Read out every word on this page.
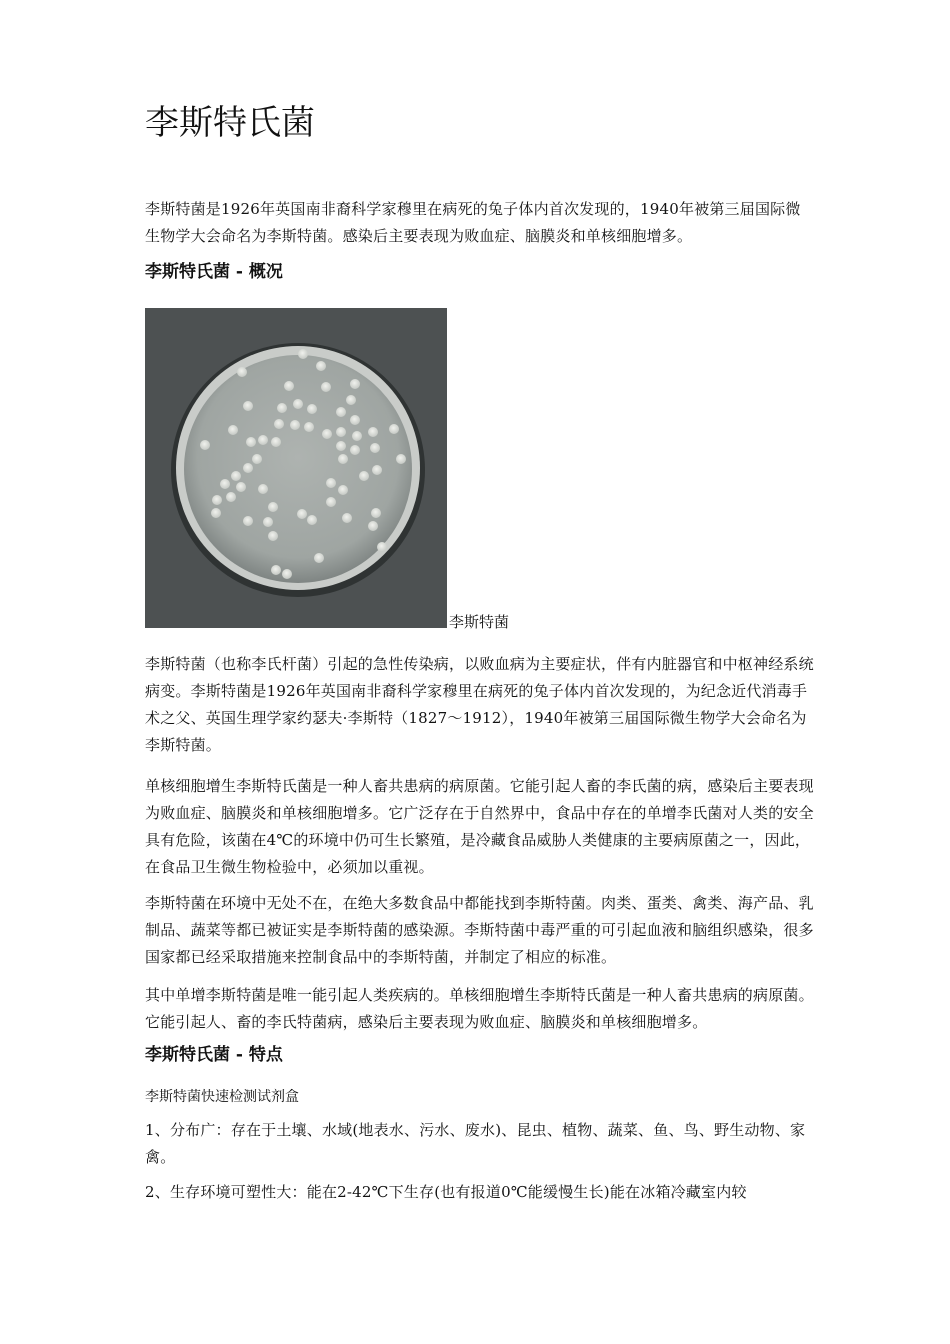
李斯特氏菌

李斯特菌是1926年英国南非裔科学家穆里在病死的兔子体内首次发现的，1940年被第三届国际微生物学大会命名为李斯特菌。感染后主要表现为败血症、脑膜炎和单核细胞增多。

李斯特氏菌 - 概况
李斯特菌

李斯特菌（也称李氏杆菌）引起的急性传染病，以败血病为主要症状，伴有内脏器官和中枢神经系统病变。李斯特菌是1926年英国南非裔科学家穆里在病死的兔子体内首次发现的，为纪念近代消毒手术之父、英国生理学家约瑟夫·李斯特（1827～1912），1940年被第三届国际微生物学大会命名为李斯特菌。

单核细胞增生李斯特氏菌是一种人畜共患病的病原菌。它能引起人畜的李氏菌的病，感染后主要表现为败血症、脑膜炎和单核细胞增多。它广泛存在于自然界中，食品中存在的单增李氏菌对人类的安全具有危险，该菌在4℃的环境中仍可生长繁殖，是冷藏食品威胁人类健康的主要病原菌之一，因此，在食品卫生微生物检验中，必须加以重视。

李斯特菌在环境中无处不在，在绝大多数食品中都能找到李斯特菌。肉类、蛋类、禽类、海产品、乳制品、蔬菜等都已被证实是李斯特菌的感染源。李斯特菌中毒严重的可引起血液和脑组织感染，很多国家都已经采取措施来控制食品中的李斯特菌，并制定了相应的标准。

其中单增李斯特菌是唯一能引起人类疾病的。单核细胞增生李斯特氏菌是一种人畜共患病的病原菌。它能引起人、畜的李氏特菌病，感染后主要表现为败血症、脑膜炎和单核细胞增多。

李斯特氏菌 - 特点

李斯特菌快速检测试剂盒

1、分布广：存在于土壤、水域(地表水、污水、废水)、昆虫、植物、蔬菜、鱼、鸟、野生动物、家禽。

2、生存环境可塑性大：能在2-42℃下生存(也有报道0℃能缓慢生长)能在冰箱冷藏室内较
